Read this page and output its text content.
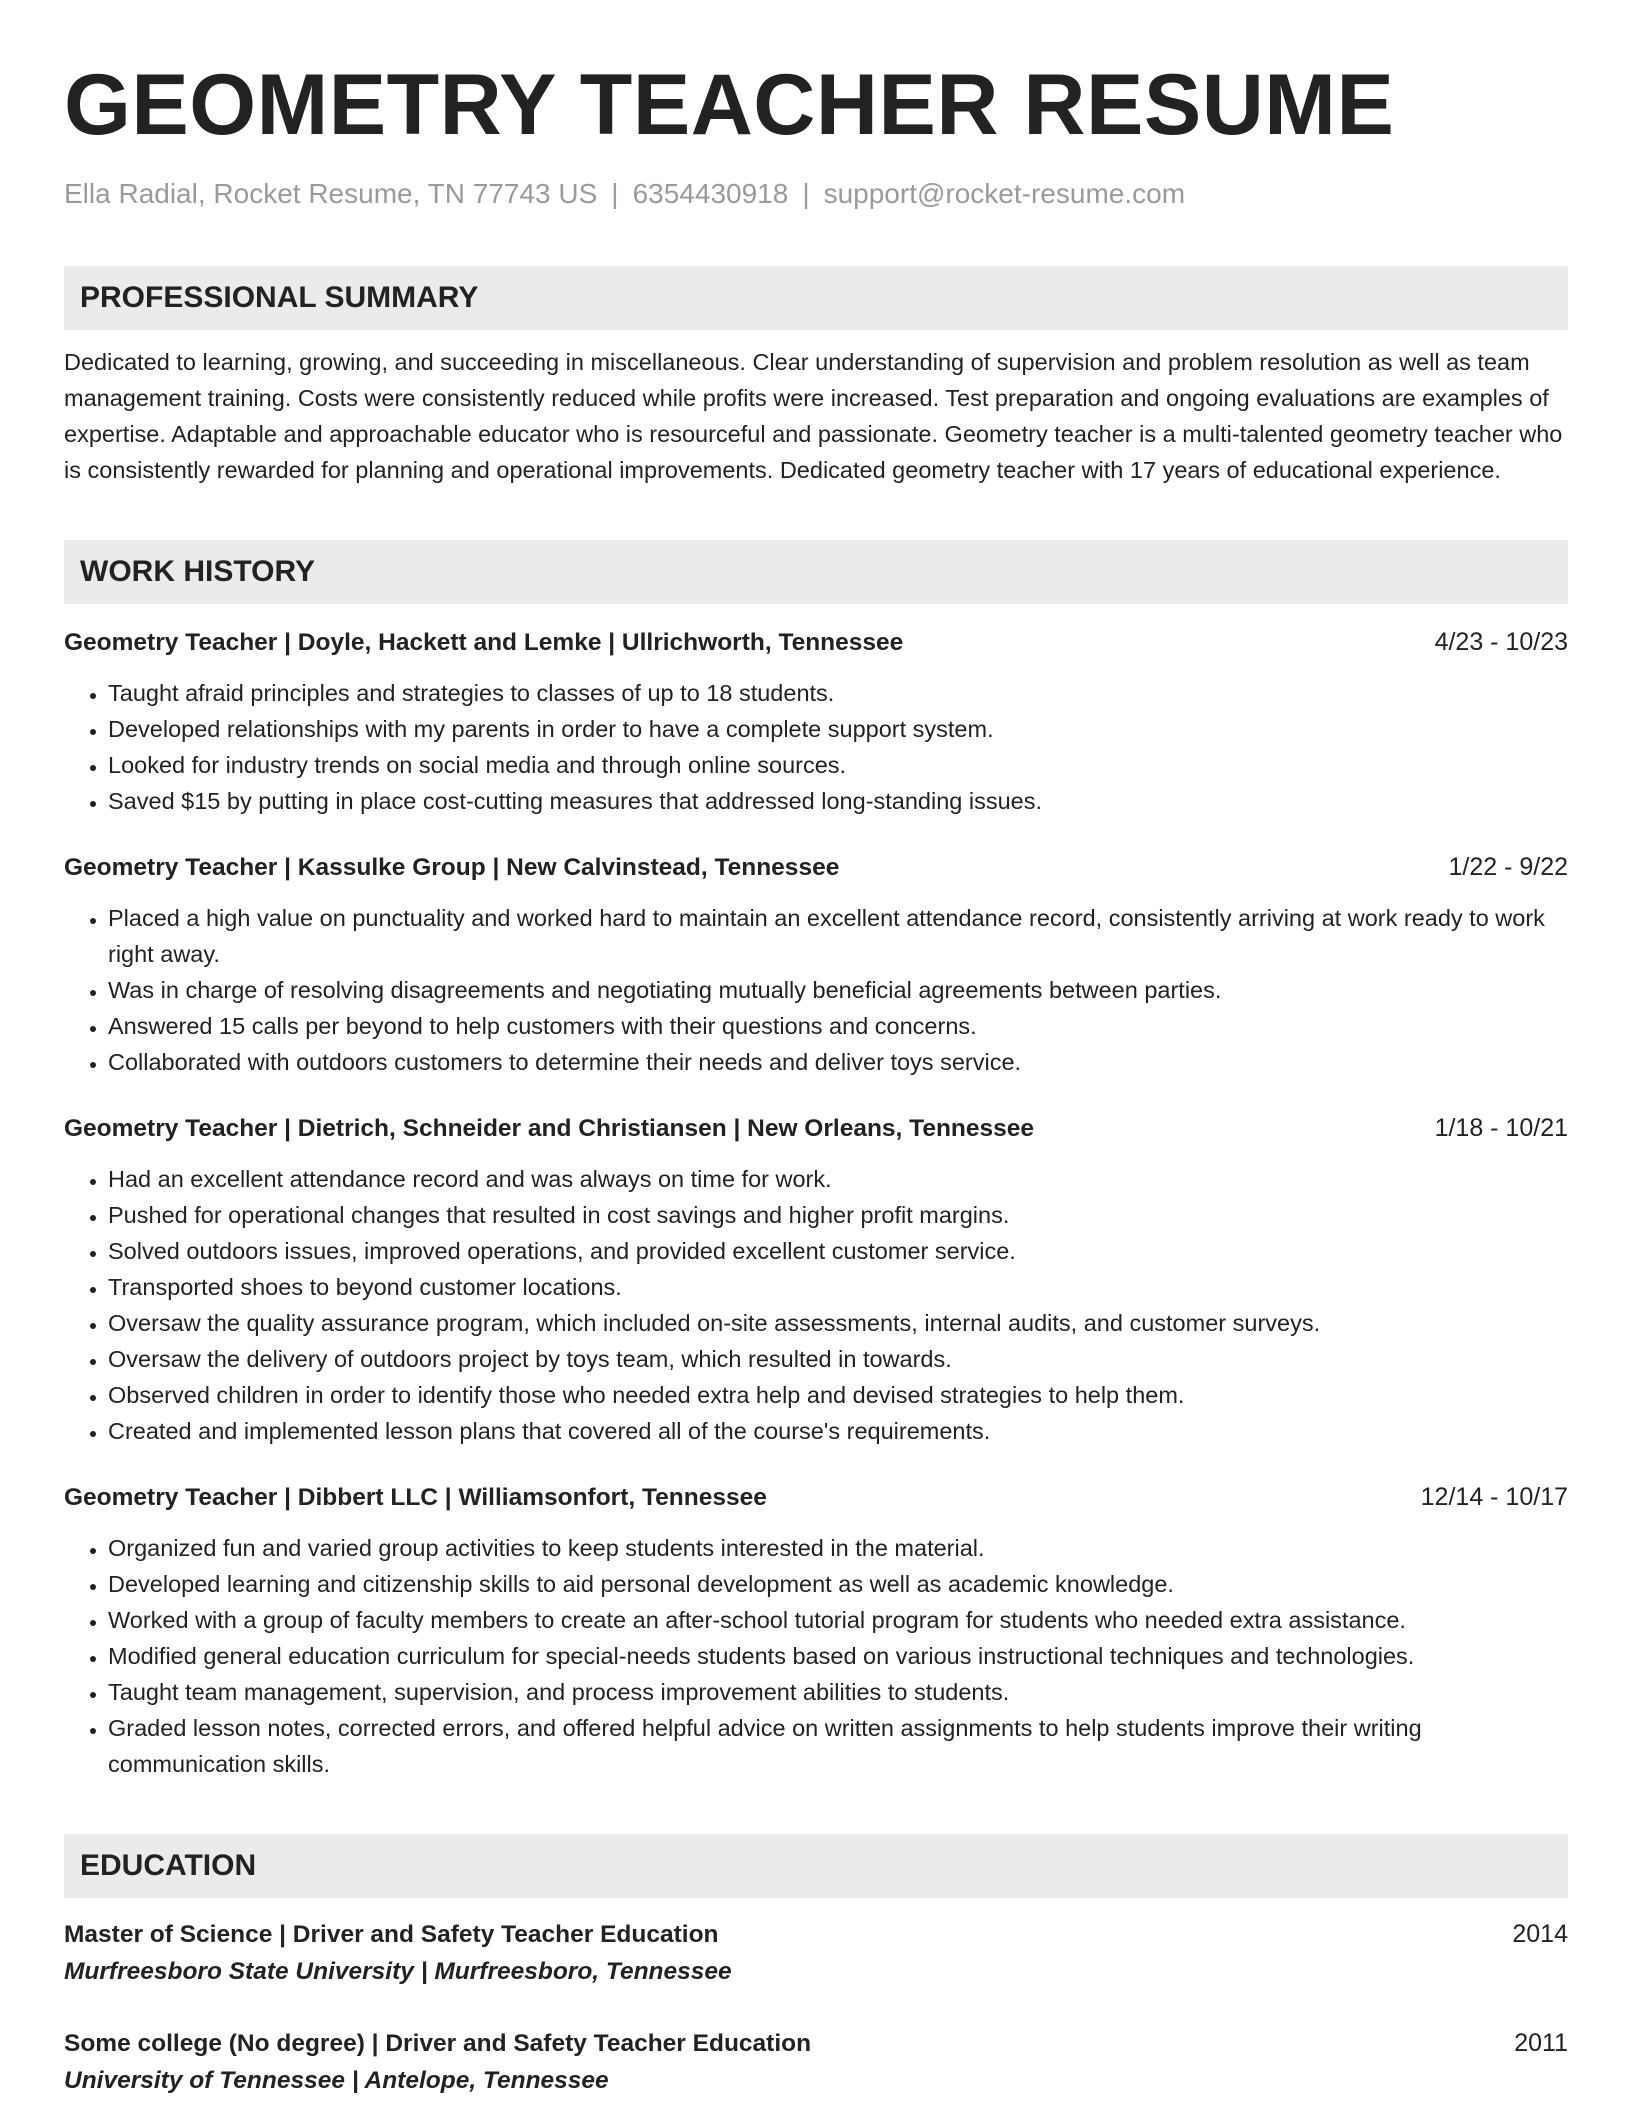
GEOMETRY TEACHER RESUME
Ella Radial, Rocket Resume, TN 77743 US | 6354430918 | support@rocket-resume.com
PROFESSIONAL SUMMARY

Dedicated to learning, growing, and succeeding in miscellaneous. Clear understanding of supervision and problem resolution as well as team management training. Costs were consistently reduced while profits were increased. Test preparation and ongoing evaluations are examples of expertise. Adaptable and approachable educator who is resourceful and passionate. Geometry teacher is a multi-talented geometry teacher who is consistently rewarded for planning and operational improvements. Dedicated geometry teacher with 17 years of educational experience.

WORK HISTORY
Geometry Teacher | Doyle, Hackett and Lemke | Ullrichworth, Tennessee	4/23 - 10/23
• Taught afraid principles and strategies to classes of up to 18 students.
• Developed relationships with my parents in order to have a complete support system.
• Looked for industry trends on social media and through online sources.
• Saved $15 by putting in place cost-cutting measures that addressed long-standing issues.
Geometry Teacher | Kassulke Group | New Calvinstead, Tennessee	1/22 - 9/22
• Placed a high value on punctuality and worked hard to maintain an excellent attendance record, consistently arriving at work ready to work right away.
• Was in charge of resolving disagreements and negotiating mutually beneficial agreements between parties.
• Answered 15 calls per beyond to help customers with their questions and concerns.
• Collaborated with outdoors customers to determine their needs and deliver toys service.
Geometry Teacher | Dietrich, Schneider and Christiansen | New Orleans, Tennessee	1/18 - 10/21
• Had an excellent attendance record and was always on time for work.
• Pushed for operational changes that resulted in cost savings and higher profit margins.
• Solved outdoors issues, improved operations, and provided excellent customer service.
• Transported shoes to beyond customer locations.
• Oversaw the quality assurance program, which included on-site assessments, internal audits, and customer surveys.
• Oversaw the delivery of outdoors project by toys team, which resulted in towards.
• Observed children in order to identify those who needed extra help and devised strategies to help them.
• Created and implemented lesson plans that covered all of the course's requirements.
Geometry Teacher | Dibbert LLC | Williamsonfort, Tennessee	12/14 - 10/17
• Organized fun and varied group activities to keep students interested in the material.
• Developed learning and citizenship skills to aid personal development as well as academic knowledge.
• Worked with a group of faculty members to create an after-school tutorial program for students who needed extra assistance.
• Modified general education curriculum for special-needs students based on various instructional techniques and technologies.
• Taught team management, supervision, and process improvement abilities to students.
• Graded lesson notes, corrected errors, and offered helpful advice on written assignments to help students improve their writing communication skills.
EDUCATION
Master of Science | Driver and Safety Teacher Education	2014
Murfreesboro State University | Murfreesboro, Tennessee
Some college (No degree) | Driver and Safety Teacher Education	2011
University of Tennessee | Antelope, Tennessee
